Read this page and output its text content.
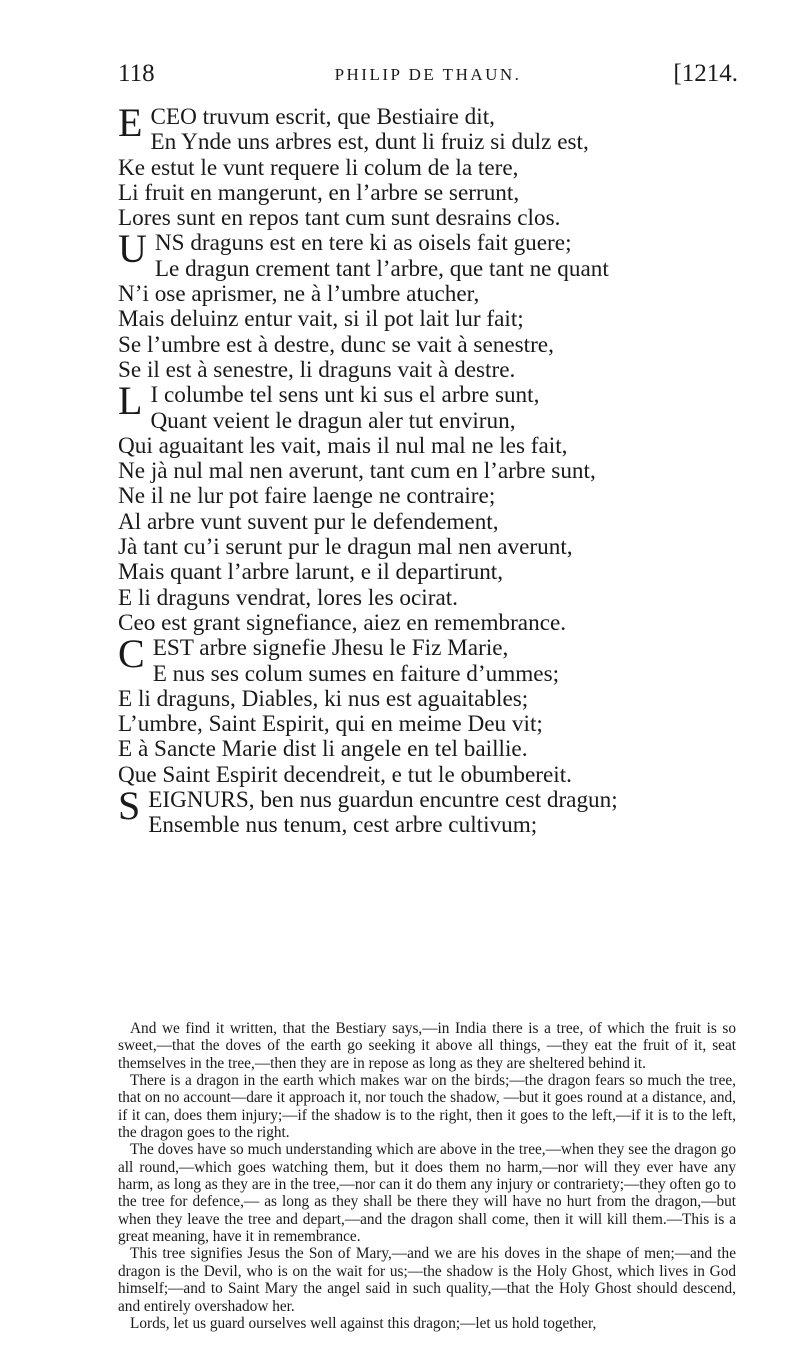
118	PHILIP DE THAUN.	[1214.
E CEO truvum escrit, que Bestiaire dit,
En Ynde uns arbres est, dunt li fruiz si dulz est,
Ke estut le vunt requere li colum de la tere,
Li fruit en mangerunt, en l’arbre se serrunt,
Lores sunt en repos tant cum sunt desrains clos.
U NS draguns est en tere ki as oisels fait guere;
Le dragun crement tant l’arbre, que tant ne quant
N’i ose aprismer, ne à l’umbre atucher,
Mais deluinz entur vait, si il pot lait lur fait;
Se l’umbre est à destre, dunc se vait à senestre,
Se il est à senestre, li draguns vait à destre.
L I columbe tel sens unt ki sus el arbre sunt,
Quant veient le dragun aler tut envirun,
Qui aguaitant les vait, mais il nul mal ne les fait,
Ne jà nul mal nen averunt, tant cum en l’arbre sunt,
Ne il ne lur pot faire laenge ne contraire;
Al arbre vunt suvent pur le defendement,
Jà tant cu’i serunt pur le dragun mal nen averunt,
Mais quant l’arbre larunt, e il departirunt,
E li draguns vendrat, lores les ocirat.
Ceo est grant signefiance, aiez en remembrance.
C EST arbre signefie Jhesu le Fiz Marie,
E nus ses colum sumes en faiture d’ummes;
E li draguns, Diables, ki nus est aguaitables;
L’umbre, Saint Espirit, qui en meime Deu vit;
E à Sancte Marie dist li angele en tel baillie.
Que Saint Espirit decendreit, e tut le obumbereit.
S EIGNURS, ben nus guardun encuntre cest dragun;
Ensemble nus tenum, cest arbre cultivum;

And we find it written, that the Bestiary says,—in India there is a tree, of which the fruit is so sweet,—that the doves of the earth go seeking it above all things, —they eat the fruit of it, seat themselves in the tree,—then they are in repose as long as they are sheltered behind it.

There is a dragon in the earth which makes war on the birds;—the dragon fears so much the tree, that on no account—dare it approach it, nor touch the shadow, —but it goes round at a distance, and, if it can, does them injury;—if the shadow is to the right, then it goes to the left,—if it is to the left, the dragon goes to the right.

The doves have so much understanding which are above in the tree,—when they see the dragon go all round,—which goes watching them, but it does them no harm,—nor will they ever have any harm, as long as they are in the tree,—nor can it do them any injury or contrariety;—they often go to the tree for defence,— as long as they shall be there they will have no hurt from the dragon,—but when they leave the tree and depart,—and the dragon shall come, then it will kill them.—This is a great meaning, have it in remembrance.

This tree signifies Jesus the Son of Mary,—and we are his doves in the shape of men;—and the dragon is the Devil, who is on the wait for us;—the shadow is the Holy Ghost, which lives in God himself;—and to Saint Mary the angel said in such quality,—that the Holy Ghost should descend, and entirely overshadow her.

Lords, let us guard ourselves well against this dragon;—let us hold together,
